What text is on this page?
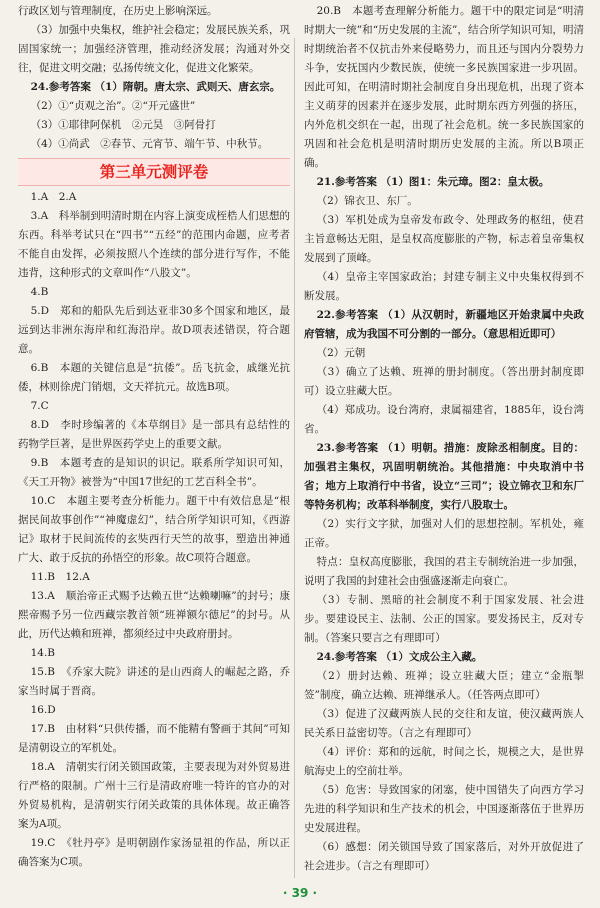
行政区划与管理制度，在历史上影响深远。

（3）加强中央集权，维护社会稳定；发展民族关系，巩固国家统一；加强经济管理，推动经济发展；沟通对外交往，促进文明交融；弘扬传统文化，促进文化繁荣。

24.参考答案 （1）隋朝。唐太宗、武则天、唐玄宗。

（2）①“贞观之治”。②“开元盛世”

（3）①耶律阿保机　②元昊　③阿骨打

（4）①尚武　②春节、元宵节、端午节、中秋节。

第三单元测评卷

1.A　2.A

3.A　科举制到明清时期在内容上演变成桎梏人们思想的东西。科举考试只在“四书”“五经”的范围内命题，应考者不能自由发挥，必须按照八个连续的部分进行写作，不能违背，这种形式的文章叫作“八股文”。

4.B

5.D　郑和的船队先后到达亚非30多个国家和地区，最远到达非洲东海岸和红海沿岸。故D项表述错误，符合题意。

6.B　本题的关键信息是“抗倭”。岳飞抗金，戚继光抗倭，林则徐虎门销烟，文天祥抗元。故选B项。

7.C

8.D　李时珍编著的《本草纲目》是一部具有总结性的药物学巨著，是世界医药学史上的重要文献。

9.B　本题考查的是知识的识记。联系所学知识可知，《天工开物》被誉为“中国17世纪的工艺百科全书”。

10.C　本题主要考查分析能力。题干中有效信息是“根据民间故事创作”“神魔虚幻”，结合所学知识可知，《西游记》取材于民间流传的玄奘西行天竺的故事，塑造出神通广大、敢于反抗的孙悟空的形象。故C项符合题意。

11.B　12.A

13.A　顺治帝正式赐予达赖五世“达赖喇嘛”的封号；康熙帝赐予另一位西藏宗教首领“班禅额尔德尼”的封号。从此，历代达赖和班禅，都须经过中央政府册封。

14.B

15.B　《乔家大院》讲述的是山西商人的崛起之路，乔家当时属于晋商。

16.D

17.B　由材料“只供传播，而不能精有警画于其间”可知是清朝设立的军机处。

18.A　清朝实行闭关锁国政策，主要表现为对外贸易进行严格的限制。广州十三行是清政府唯一特许的官办的对外贸易机构，是清朝实行闭关政策的具体体现。故正确答案为A项。

19.C　《牡丹亭》是明朝剧作家汤显祖的作品，所以正确答案为C项。

20.B　本题考查理解分析能力。题干中的限定词是“明清时期大一统”和“历史发展的主流”，结合所学知识可知，明清时期统治者不仅抗击外来侵略势力，而且还与国内分裂势力斗争，安抚国内少数民族，使统一多民族国家进一步巩固。因此可知，在明清时期社会制度自身出现危机，出现了资本主义萌芽的因素并在逐步发展，此时期东西方列强的挤压，内外危机交织在一起，出现了社会危机。统一多民族国家的巩固和社会危机是明清时期历史发展的主流。所以B项正确。

21.参考答案 （1）图1：朱元璋。图2：皇太极。

（2）锦衣卫、东厂。

（3）军机处成为皇帝发布政令、处理政务的枢纽，使君主旨意畅达无阻，是皇权高度膨胀的产物，标志着皇帝集权发展到了顶峰。

（4）皇帝主宰国家政治；封建专制主义中央集权得到不断发展。

22.参考答案 （1）从汉朝时，新疆地区开始隶属中央政府管辖，成为我国不可分割的一部分。（意思相近即可）

（2）元朝

（3）确立了达赖、班禅的册封制度。（答出册封制度即可）设立驻藏大臣。

（4）郑成功。设台湾府，隶属福建省，1885年，设台湾省。

23.参考答案 （1）明朝。措施：废除丞相制度。目的：加强君主集权，巩固明朝统治。其他措施：中央取消中书省；地方上取消行中书省，设立“三司”；设立锦衣卫和东厂等特务机构；改革科举制度，实行八股取士。

（2）实行文字狱，加强对人们的思想控制。军机处，雍正帝。

特点：皇权高度膨胀，我国的君主专制统治进一步加强，说明了我国的封建社会由强盛逐渐走向衰亡。

（3）专制、黑暗的社会制度不利于国家发展、社会进步。要建设民主、法制、公正的国家。要发扬民主，反对专制。（答案只要言之有理即可）

24.参考答案 （1）文成公主入藏。

（2）册封达赖、班禅；设立驻藏大臣；建立“金瓶掣签”制度，确立达赖、班禅继承人。（任答两点即可）

（3）促进了汉藏两族人民的交往和友谊，使汉藏两族人民关系日益密切等。（言之有理即可）

（4）评价：郑和的远航，时间之长，规模之大，是世界航海史上的空前壮举。

（5）危害：导致国家的闭塞，使中国错失了向西方学习先进的科学知识和生产技术的机会，中国逐渐落伍于世界历史发展进程。

（6）感想：闭关锁国导致了国家落后，对外开放促进了社会进步。（言之有理即可）

· 39 ·
